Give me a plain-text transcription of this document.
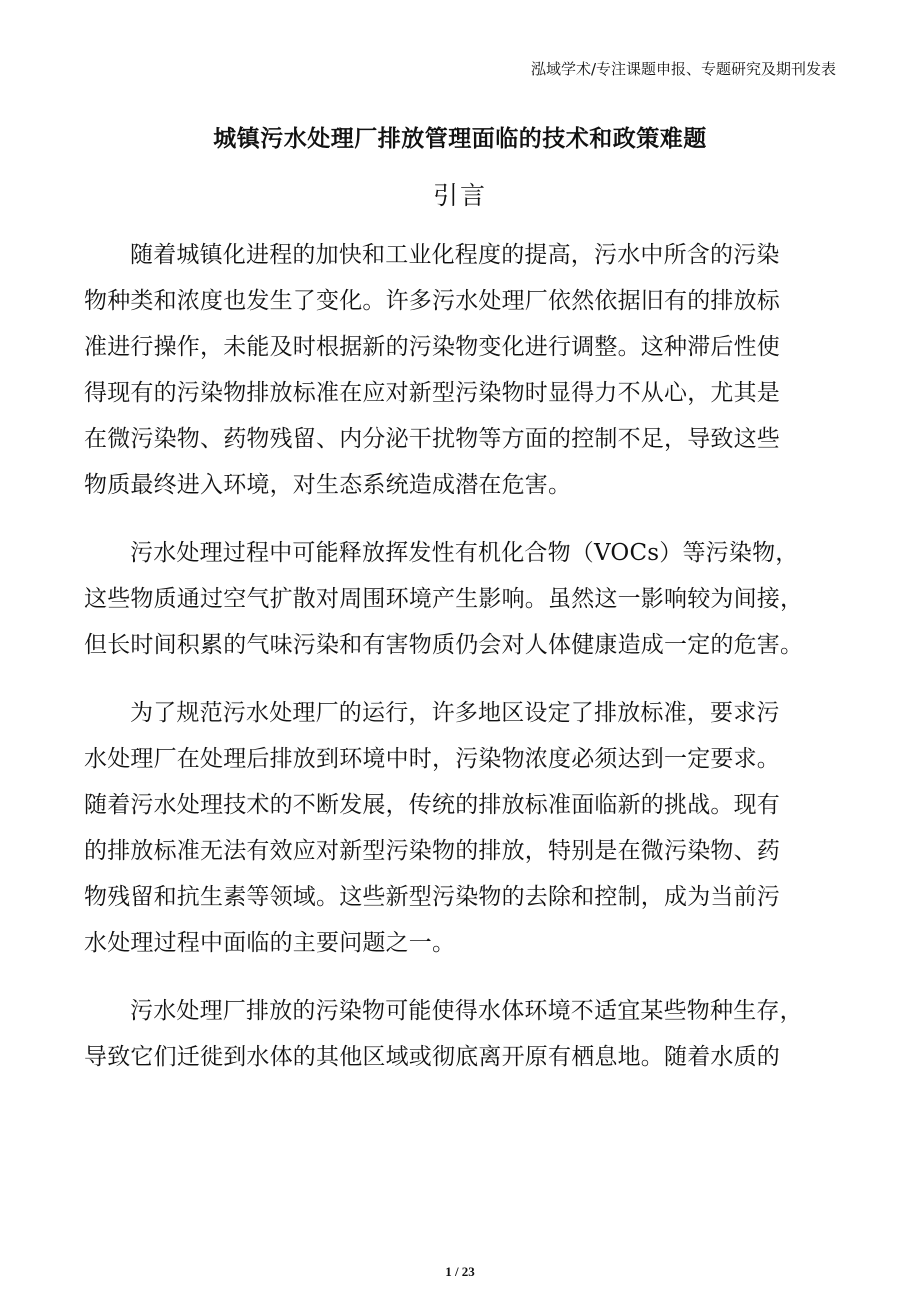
泓域学术/专注课题申报、专题研究及期刊发表
城镇污水处理厂排放管理面临的技术和政策难题
引言
随着城镇化进程的加快和工业化程度的提高，污水中所含的污染
物种类和浓度也发生了变化。许多污水处理厂依然依据旧有的排放标
准进行操作，未能及时根据新的污染物变化进行调整。这种滞后性使
得现有的污染物排放标准在应对新型污染物时显得力不从心，尤其是
在微污染物、药物残留、内分泌干扰物等方面的控制不足，导致这些
物质最终进入环境，对生态系统造成潜在危害。
污水处理过程中可能释放挥发性有机化合物（VOCs）等污染物，
这些物质通过空气扩散对周围环境产生影响。虽然这一影响较为间接，
但长时间积累的气味污染和有害物质仍会对人体健康造成一定的危害。
为了规范污水处理厂的运行，许多地区设定了排放标准，要求污
水处理厂在处理后排放到环境中时，污染物浓度必须达到一定要求。
随着污水处理技术的不断发展，传统的排放标准面临新的挑战。现有
的排放标准无法有效应对新型污染物的排放，特别是在微污染物、药
物残留和抗生素等领域。这些新型污染物的去除和控制，成为当前污
水处理过程中面临的主要问题之一。
污水处理厂排放的污染物可能使得水体环境不适宜某些物种生存，
导致它们迁徙到水体的其他区域或彻底离开原有栖息地。随着水质的
1 / 23
